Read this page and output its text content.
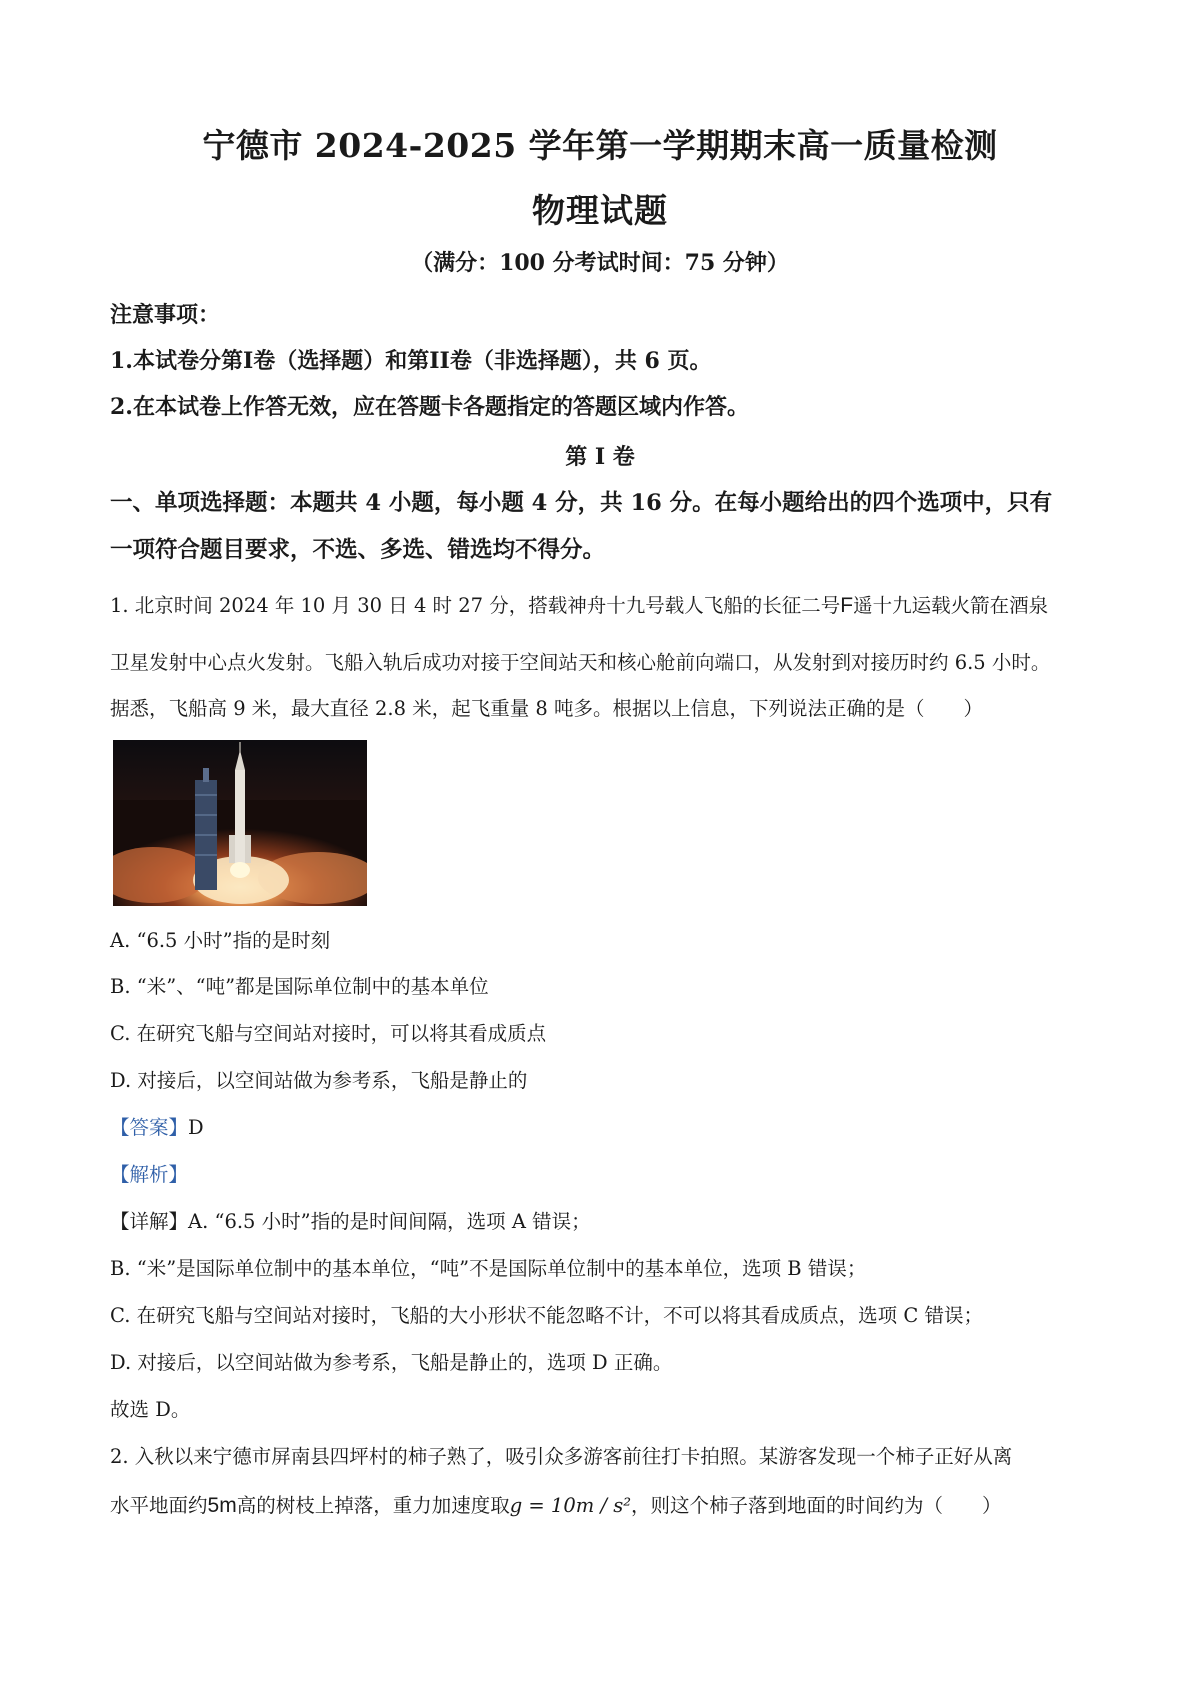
宁德市 2024-2025 学年第一学期期末高一质量检测
物理试题
（满分：100 分考试时间：75 分钟）
注意事项：
1.本试卷分第I卷（选择题）和第II卷（非选择题），共 6 页。
2.在本试卷上作答无效，应在答题卡各题指定的答题区域内作答。
第 I 卷
一、单项选择题：本题共 4 小题，每小题 4 分，共 16 分。在每小题给出的四个选项中，只有
一项符合题目要求，不选、多选、错选均不得分。
1. 北京时间 2024 年 10 月 30 日 4 时 27 分，搭载神舟十九号载人飞船的长征二号F遥十九运载火箭在酒泉
卫星发射中心点火发射。飞船入轨后成功对接于空间站天和核心舱前向端口，从发射到对接历时约 6.5 小时。
据悉，飞船高 9 米，最大直径 2.8 米，起飞重量 8 吨多。根据以上信息，下列说法正确的是（　　）
A. “6.5 小时”指的是时刻
B. “米”、“吨”都是国际单位制中的基本单位
C. 在研究飞船与空间站对接时，可以将其看成质点
D. 对接后，以空间站做为参考系，飞船是静止的
【答案】D
【解析】
【详解】A. “6.5 小时”指的是时间间隔，选项 A 错误；
B. “米”是国际单位制中的基本单位，“吨”不是国际单位制中的基本单位，选项 B 错误；
C. 在研究飞船与空间站对接时，飞船的大小形状不能忽略不计，不可以将其看成质点，选项 C 错误；
D. 对接后，以空间站做为参考系，飞船是静止的，选项 D 正确。
故选 D。
2. 入秋以来宁德市屏南县四坪村的柿子熟了，吸引众多游客前往打卡拍照。某游客发现一个柿子正好从离
水平地面约5m高的树枝上掉落，重力加速度取g = 10m / s²，则这个柿子落到地面的时间约为（　　）
